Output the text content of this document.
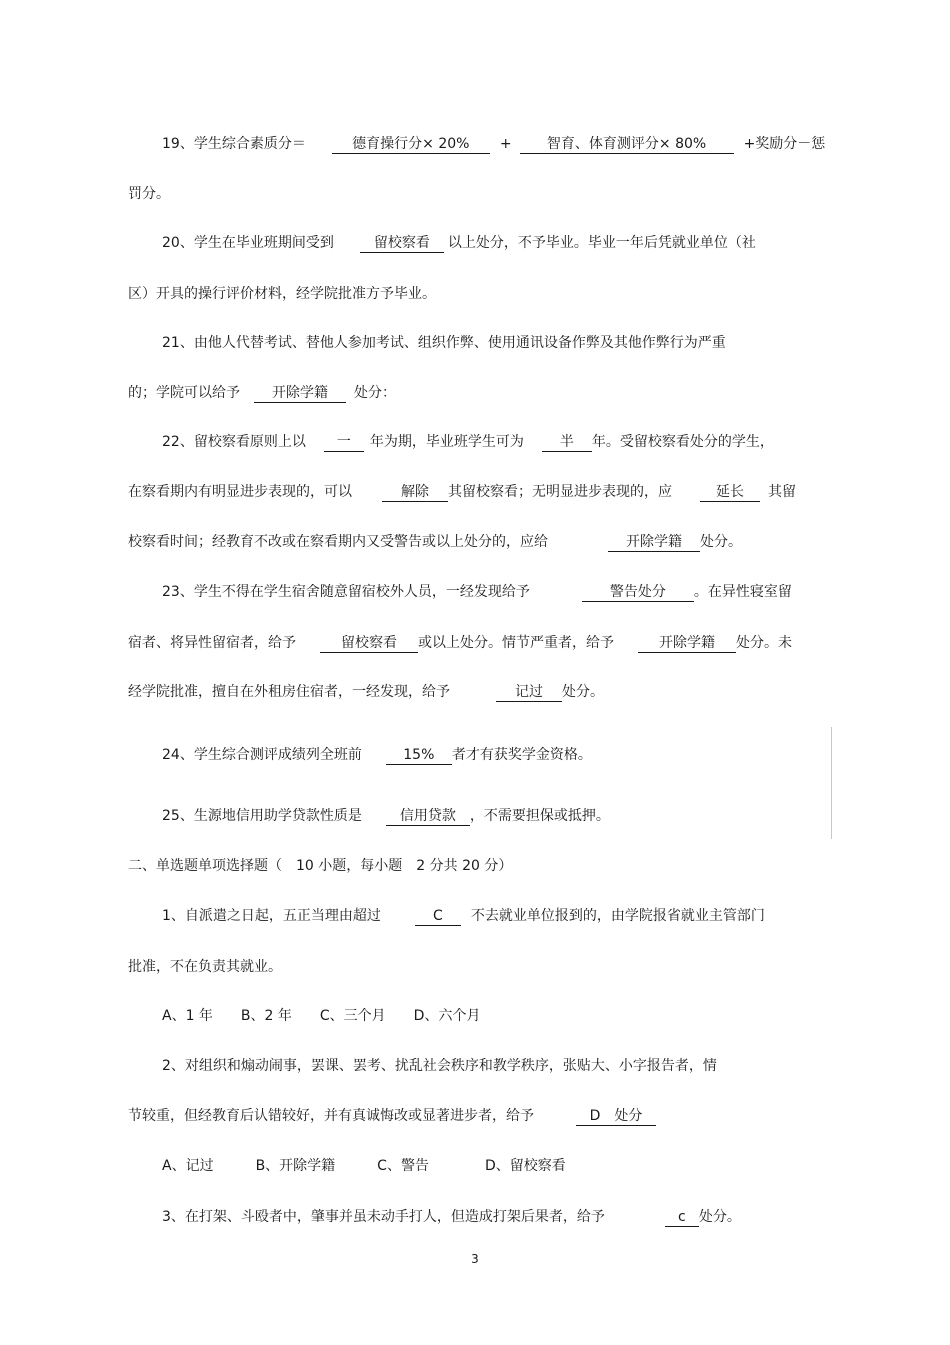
19、学生综合素质分＝	德育操行分× 20% +	智育、体育测评分× 80%	+奖励分－惩
罚分。
20、学生在毕业班期间受到	留校察看 以上处分，不予毕业。毕业一年后凭就业单位（社
区）开具的操行评价材料，经学院批准方予毕业。
21、由他人代替考试、替他人参加考试、组织作弊、使用通讯设备作弊及其他作弊行为严重
的；学院可以给予 开除学籍 处分：
22、留校察看原则上以 一 年为期，毕业班学生可为	半 年。受留校察看处分的学生，
在察看期内有明显进步表现的，可以	解除 其留校察看；无明显进步表现的，应	延长 其留
校察看时间；经教育不改或在察看期内又受警告或以上处分的，应给	开除学籍 处分。
23、学生不得在学生宿舍随意留宿校外人员，一经发现给予	警告处分 。在异性寝室留
宿者、将异性留宿者，给予	留校察看 或以上处分。情节严重者，给予	开除学籍 处分。未
经学院批准，擅自在外租房住宿者，一经发现，给予	记过 处分。
24、学生综合测评成绩列全班前	15% 者才有获奖学金资格。
25、生源地信用助学贷款性质是	信用贷款 ，不需要担保或抵押。
二、单选题单项选择题（　10 小题，每小题　2 分共 20 分）
1、自派遣之日起，五正当理由超过	C 不去就业单位报到的，由学院报省就业主管部门
批准，不在负责其就业。
A、1 年　　B、2 年　　C、三个月　　D、六个月
2、对组织和煽动闹事，罢课、罢考、扰乱社会秩序和教学秩序，张贴大、小字报告者，情
节较重，但经教育后认错较好，并有真诚悔改或显著进步者，给予	D　处分
A、记过　　　B、开除学籍　　　C、警告　　　　D、留校察看
3、在打架、斗殴者中，肇事并虽未动手打人，但造成打架后果者，给予	c 处分。
3
